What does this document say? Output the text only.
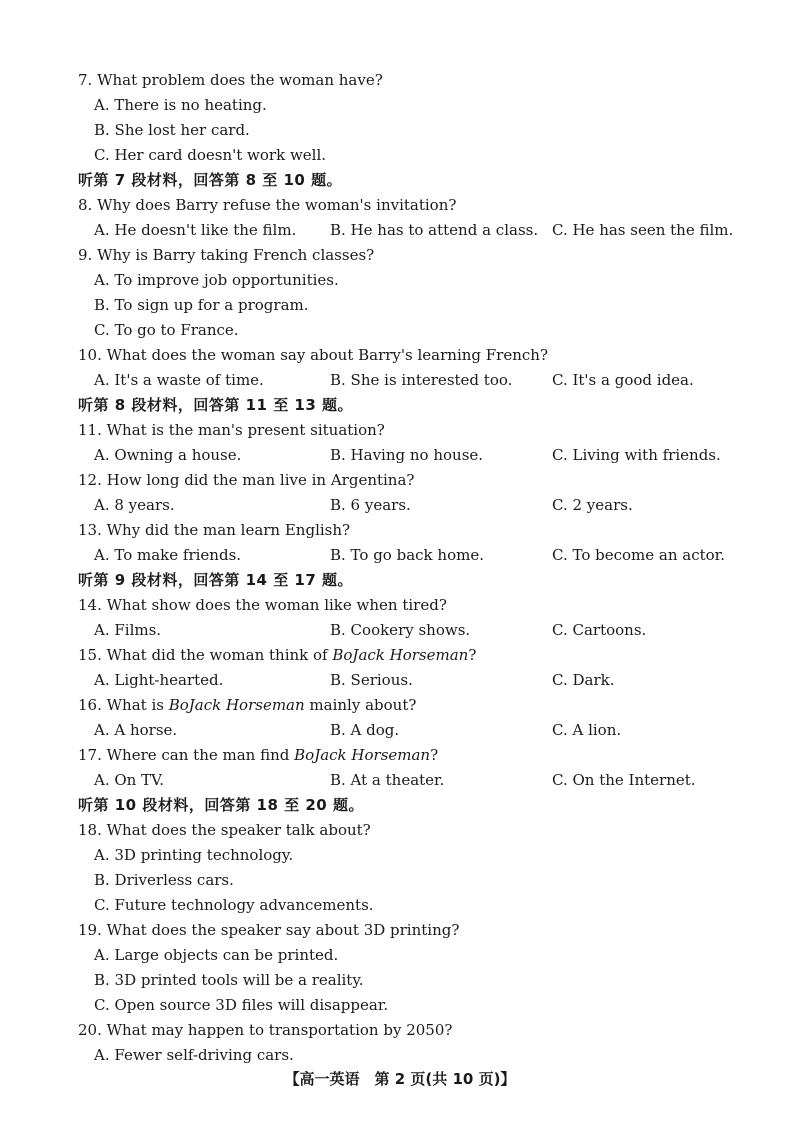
7. What problem does the woman have?
A. There is no heating.
B. She lost her card.
C. Her card doesn't work well.
听第 7 段材料，回答第 8 至 10 题。
8. Why does Barry refuse the woman's invitation?
A. He doesn't like the film. B. He has to attend a class. C. He has seen the film.
9. Why is Barry taking French classes?
A. To improve job opportunities.
B. To sign up for a program.
C. To go to France.
10. What does the woman say about Barry's learning French?
A. It's a waste of time.	B. She is interested too.	C. It's a good idea.
听第 8 段材料，回答第 11 至 13 题。
11. What is the man's present situation?
A. Owning a house.	B. Having no house.	C. Living with friends.
12. How long did the man live in Argentina?
A. 8 years.	B. 6 years.	C. 2 years.
13. Why did the man learn English?
A. To make friends.	B. To go back home.	C. To become an actor.
听第 9 段材料，回答第 14 至 17 题。
14. What show does the woman like when tired?
A. Films.	B. Cookery shows.	C. Cartoons.
15. What did the woman think of BoJack Horseman?
A. Light-hearted.	B. Serious.	C. Dark.
16. What is BoJack Horseman mainly about?
A. A horse.	B. A dog.	C. A lion.
17. Where can the man find BoJack Horseman?
A. On TV.	B. At a theater.	C. On the Internet.
听第 10 段材料，回答第 18 至 20 题。
18. What does the speaker talk about?
A. 3D printing technology.
B. Driverless cars.
C. Future technology advancements.
19. What does the speaker say about 3D printing?
A. Large objects can be printed.
B. 3D printed tools will be a reality.
C. Open source 3D files will disappear.
20. What may happen to transportation by 2050?
A. Fewer self-driving cars.
【高一英语　第 2 页(共 10 页)】
